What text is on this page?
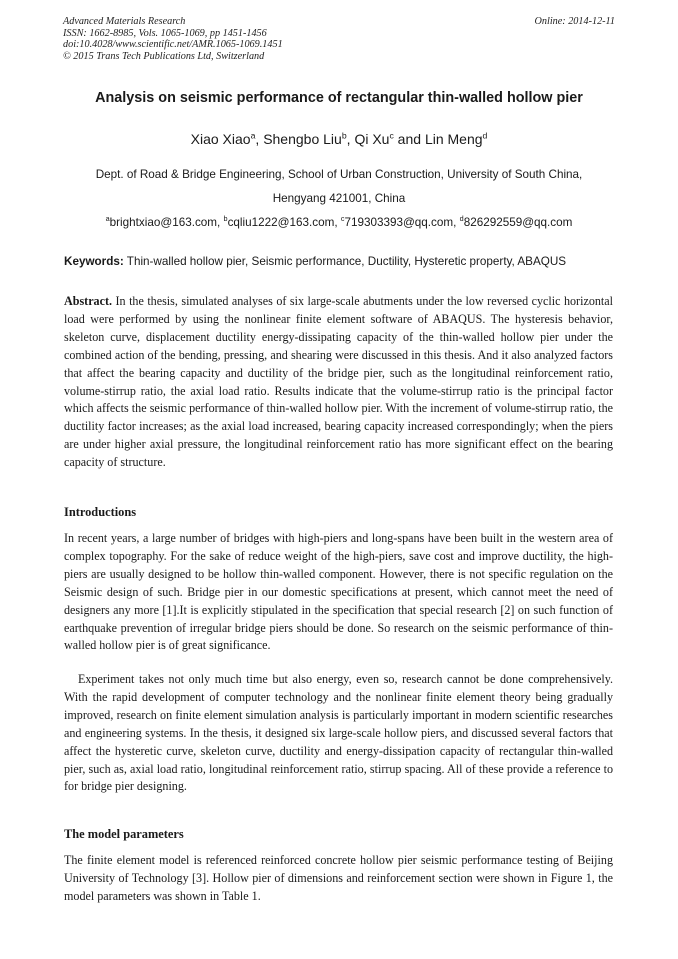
Advanced Materials Research
ISSN: 1662-8985, Vols. 1065-1069, pp 1451-1456
doi:10.4028/www.scientific.net/AMR.1065-1069.1451
© 2015 Trans Tech Publications Ltd, Switzerland
Online: 2014-12-11
Analysis on seismic performance of rectangular thin-walled hollow pier
Xiao Xiao$^a$, Shengbo Liu$^b$, Qi Xu$^c$ and Lin Meng$^d$
Dept. of Road & Bridge Engineering, School of Urban Construction, University of South China,
Hengyang 421001, China
$^a$brightxiao@163.com, $^b$cqliu1222@163.com, $^c$719303393@qq.com, $^d$826292559@qq.com
Keywords: Thin-walled hollow pier, Seismic performance, Ductility, Hysteretic property, ABAQUS
Abstract. In the thesis, simulated analyses of six large-scale abutments under the low reversed cyclic horizontal load were performed by using the nonlinear finite element software of ABAQUS. The hysteresis behavior, skeleton curve, displacement ductility energy-dissipating capacity of the thin-walled hollow pier under the combined action of the bending, pressing, and shearing were discussed in this thesis. And it also analyzed factors that affect the bearing capacity and ductility of the bridge pier, such as the longitudinal reinforcement ratio, volume-stirrup ratio, the axial load ratio. Results indicate that the volume-stirrup ratio is the principal factor which affects the seismic performance of thin-walled hollow pier. With the increment of volume-stirrup ratio, the ductility factor increases; as the axial load increased, bearing capacity increased correspondingly; when the piers are under higher axial pressure, the longitudinal reinforcement ratio has more significant effect on the bearing capacity of structure.
Introductions
In recent years, a large number of bridges with high-piers and long-spans have been built in the western area of complex topography. For the sake of reduce weight of the high-piers, save cost and improve ductility, the high-piers are usually designed to be hollow thin-walled component. However, there is not specific regulation on the Seismic design of such. Bridge pier in our domestic specifications at present, which cannot meet the need of designers any more [1].It is explicitly stipulated in the specification that special research [2] on such function of earthquake prevention of irregular bridge piers should be done. So research on the seismic performance of thin-walled hollow pier is of great significance.
Experiment takes not only much time but also energy, even so, research cannot be done comprehensively. With the rapid development of computer technology and the nonlinear finite element theory being gradually improved, research on finite element simulation analysis is particularly important in modern scientific researches and engineering systems. In the thesis, it designed six large-scale hollow piers, and discussed several factors that affect the hysteretic curve, skeleton curve, ductility and energy-dissipation capacity of rectangular thin-walled pier, such as, axial load ratio, longitudinal reinforcement ratio, stirrup spacing. All of these provide a reference to for bridge pier designing.
The model parameters
The finite element model is referenced reinforced concrete hollow pier seismic performance testing of Beijing University of Technology [3]. Hollow pier of dimensions and reinforcement section were shown in Figure 1, the model parameters was shown in Table 1.
